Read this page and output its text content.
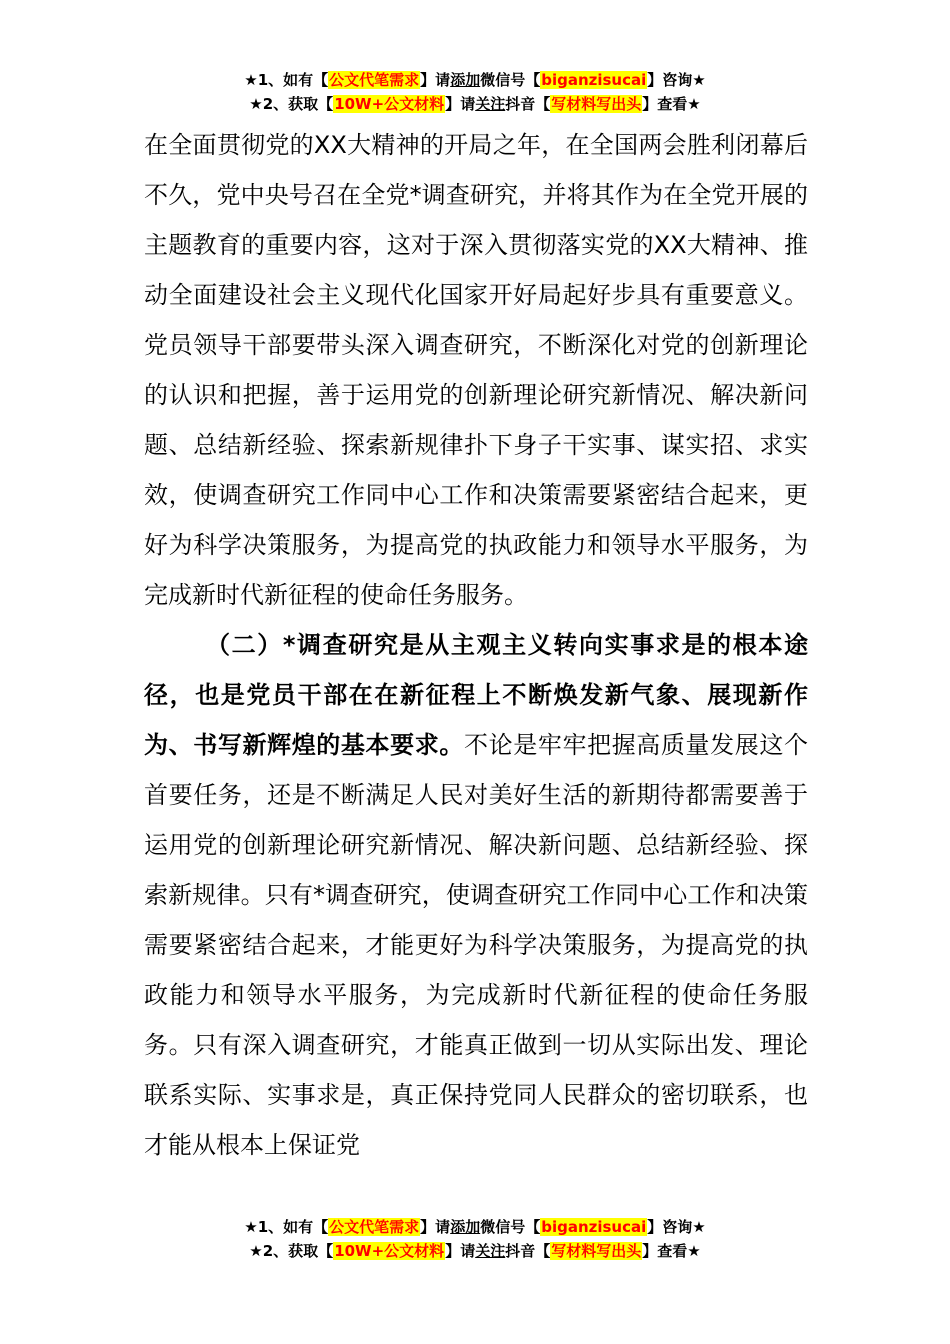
★1、如有【公文代笔需求】请添加微信号【biganzisucai】咨询★
★2、获取【10W+公文材料】请关注抖音【写材料写出头】查看★

在全面贯彻党的XX大精神的开局之年，在全国两会胜利闭幕后不久，党中央号召在全党*调查研究，并将其作为在全党开展的主题教育的重要内容，这对于深入贯彻落实党的XX大精神、推动全面建设社会主义现代化国家开好局起好步具有重要意义。党员领导干部要带头深入调查研究，不断深化对党的创新理论的认识和把握，善于运用党的创新理论研究新情况、解决新问题、总结新经验、探索新规律扑下身子干实事、谋实招、求实效，使调查研究工作同中心工作和决策需要紧密结合起来，更好为科学决策服务，为提高党的执政能力和领导水平服务，为完成新时代新征程的使命任务服务。

（二）*调查研究是从主观主义转向实事求是的根本途径，也是党员干部在在新征程上不断焕发新气象、展现新作为、书写新辉煌的基本要求。不论是牢牢把握高质量发展这个首要任务，还是不断满足人民对美好生活的新期待都需要善于运用党的创新理论研究新情况、解决新问题、总结新经验、探索新规律。只有*调查研究，使调查研究工作同中心工作和决策需要紧密结合起来，才能更好为科学决策服务，为提高党的执政能力和领导水平服务，为完成新时代新征程的使命任务服务。只有深入调查研究，才能真正做到一切从实际出发、理论联系实际、实事求是，真正保持党同人民群众的密切联系，也才能从根本上保证党

★1、如有【公文代笔需求】请添加微信号【biganzisucai】咨询★
★2、获取【10W+公文材料】请关注抖音【写材料写出头】查看★
